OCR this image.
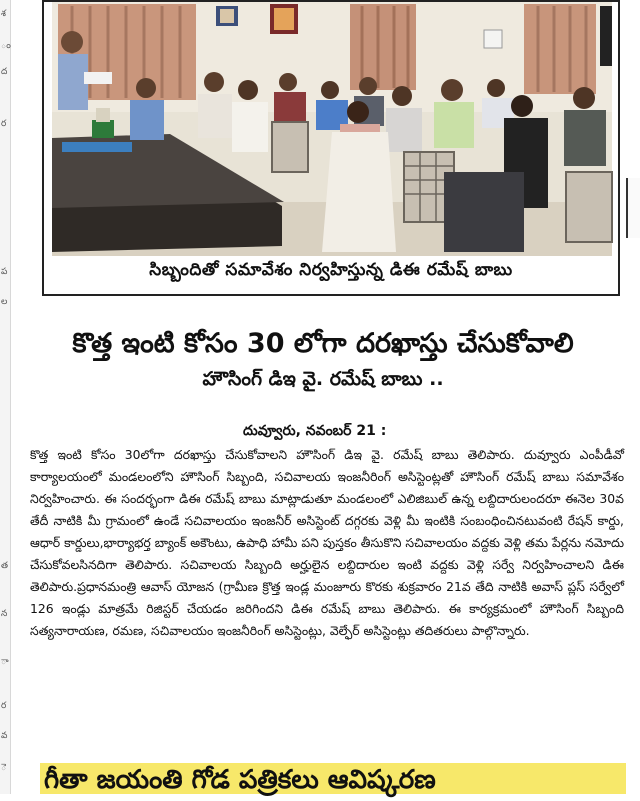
శ
ం
ద
ర
ప
ల
త
న
ా
ర
వ
ె
సిబ్బందితో సమావేశం నిర్వహిస్తున్న డిఈ రమేష్ బాబు
కొత్త ఇంటి కోసం 30 లోగా దరఖాస్తు చేసుకోవాలి
హౌసింగ్ డిఇ వై. రమేష్ బాబు ..
దువ్వూరు, నవంబర్ 21 :
కొత్త ఇంటి కోసం 30లోగా దరఖాస్తు చేసుకోవాలని హౌసింగ్ డిఇ వై. రమేష్ బాబు తెలిపారు. దువ్వూరు ఎంపీడీవో కార్యాలయంలో మండలంలోని హౌసింగ్ సిబ్బంది, సచివాలయ ఇంజనీరింగ్ అసిస్టెంట్లతో హౌసింగ్ రమేష్ బాబు సమావేశం నిర్వహించారు. ఈ సందర్భంగా డిఈ రమేష్ బాబు మాట్లాడుతూ మండలంలో ఎలిజిబుల్ ఉన్న లబ్దిదారులందరూ ఈనెల 30వ తేదీ నాటికి మీ గ్రామంలో ఉండే సచివాలయం ఇంజనీర్ అసిస్టెంట్ దగ్గరకు వెళ్లి మీ ఇంటికి సంబంధించినటువంటి రేషన్ కార్డు, ఆధార్ కార్డులు,భార్యాభర్త బ్యాంక్ అకౌంటు, ఉపాధి హామీ పని పుస్తకం తీసుకొని సచివాలయం వద్దకు వెళ్లి తమ పేర్లను నమోదు చేసుకోవలసినదిగా తెలిపారు. సచివాలయ సిబ్బంది అర్హులైన లబ్దిదారుల ఇంటి వద్దకు వెళ్లి సర్వే నిర్వహించాలని డిఈ తెలిపారు.ప్రధానమంత్రి ఆవాస్ యోజన (గ్రామీణ క్రొత్త ఇండ్ల మంజూరు కొరకు శుక్రవారం 21వ తేది నాటికి అవాస్ ప్లస్ సర్వేలో 126 ఇండ్లు మాత్రమే రిజిస్టర్ చేయడం జరిగిందని డిఈ రమేష్ బాబు తెలిపారు. ఈ కార్యక్రమంలో హౌసింగ్ సిబ్బంది సత్యనారాయణ, రమణ, సచివాలయం ఇంజనీరింగ్ అసిస్టెంట్లు, వెల్ఫేర్ అసిస్టెంట్లు తదితరులు పాల్గొన్నారు.
గీతా జయంతి గోడ పత్రికలు ఆవిష్కరణ
